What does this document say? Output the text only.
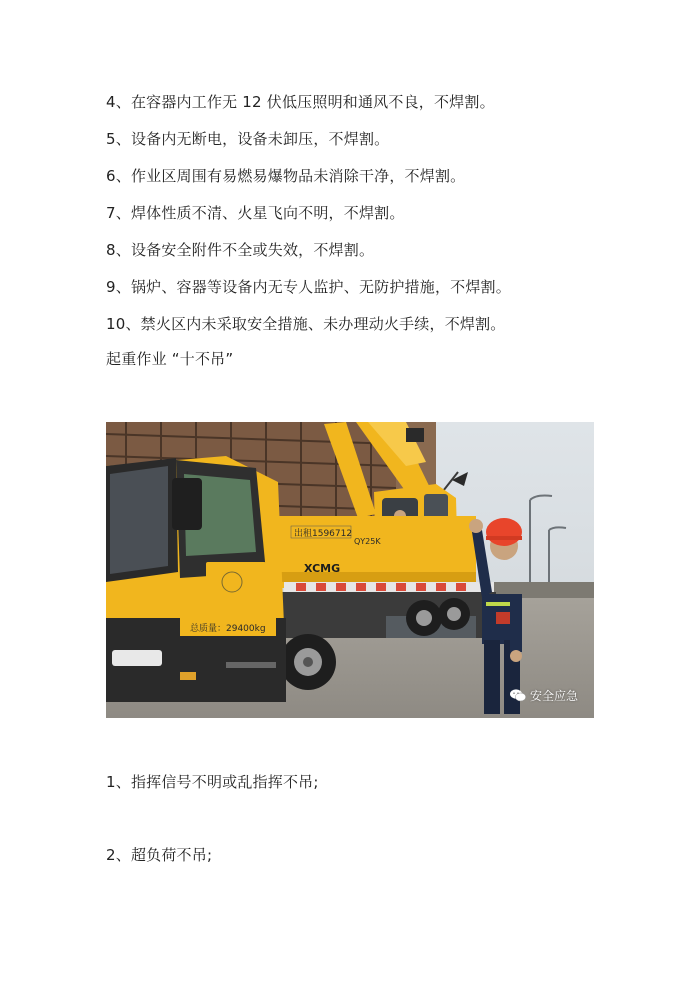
4、在容器内工作无 12 伏低压照明和通风不良，不焊割。
5、设备内无断电，设备未卸压，不焊割。
6、作业区周围有易燃易爆物品未消除干净，不焊割。
7、焊体性质不清、火星飞向不明，不焊割。
8、设备安全附件不全或失效，不焊割。
9、锅炉、容器等设备内无专人监护、无防护措施，不焊割。
10、禁火区内未采取安全措施、未办理动火手续，不焊割。
起重作业 “十不吊”
出租1596712
QY25K
XCMG
总质量：29400kg
安全应急
1、指挥信号不明或乱指挥不吊;
2、超负荷不吊;
